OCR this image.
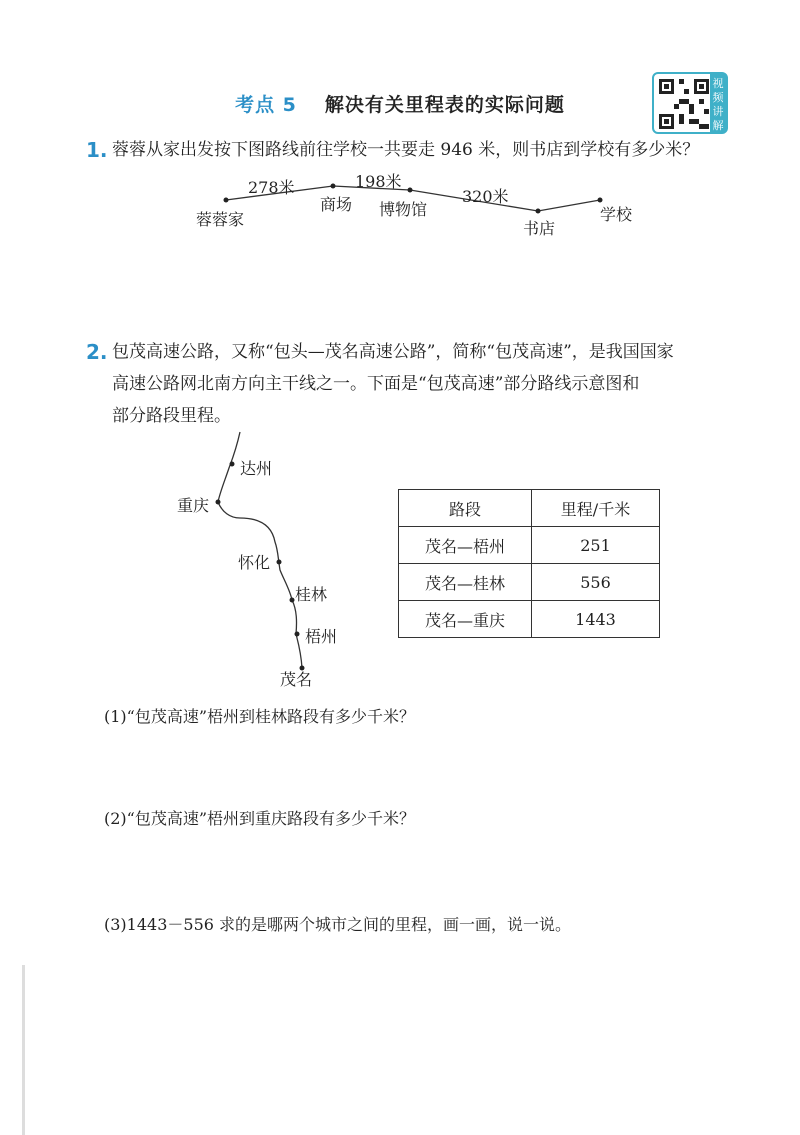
考点 5 解决有关里程表的实际问题
视频讲解
1. 蓉蓉从家出发按下图路线前往学校一共要走 946 米，则书店到学校有多少米？
278米	198米
320米
蓉蓉家
商场 博物馆
书店
学校
2. 包茂高速公路，又称“包头—茂名高速公路”，简称“包茂高速”，是我国国家
高速公路网北南方向主干线之一。下面是“包茂高速”部分路线示意图和
部分路段里程。
达州
重庆
怀化
桂林
梧州
茂名
路段	里程/千米
茂名—梧州	251
茂名—桂林	556
茂名—重庆	1443
(1)“包茂高速”梧州到桂林路段有多少千米？
(2)“包茂高速”梧州到重庆路段有多少千米？
(3)1443－556 求的是哪两个城市之间的里程，画一画，说一说。
